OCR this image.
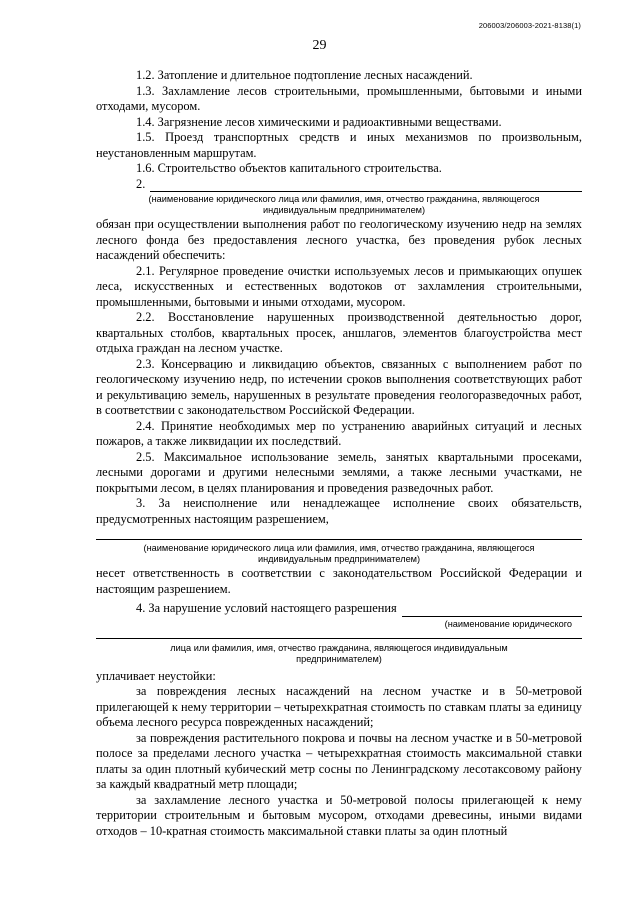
206003/206003-2021-8138(1)
29

1.2. Затопление и длительное подтопление лесных насаждений.

1.3. Захламление лесов строительными, промышленными, бытовыми и иными отходами, мусором.

1.4. Загрязнение лесов химическими и радиоактивными веществами.

1.5. Проезд транспортных средств и иных механизмов по произвольным, неустановленным маршрутам.

1.6. Строительство объектов капитального строительства.

2.
(наименование юридического лица или фамилия, имя, отчество гражданина, являющегося индивидуальным предпринимателем)

обязан при осуществлении выполнения работ по геологическому изучению недр на землях лесного фонда без предоставления лесного участка, без проведения рубок лесных насаждений обеспечить:

2.1. Регулярное проведение очистки используемых лесов и примыкающих опушек леса, искусственных и естественных водотоков от захламления строительными, промышленными, бытовыми и иными отходами, мусором.

2.2. Восстановление нарушенных производственной деятельностью дорог, квартальных столбов, квартальных просек, аншлагов, элементов благоустройства мест отдыха граждан на лесном участке.

2.3. Консервацию и ликвидацию объектов, связанных с выполнением работ по геологическому изучению недр, по истечении сроков выполнения соответствующих работ и рекультивацию земель, нарушенных в результате проведения геологоразведочных работ, в соответствии с законодательством Российской Федерации.

2.4. Принятие необходимых мер по устранению аварийных ситуаций и лесных пожаров, а также ликвидации их последствий.

2.5. Максимальное использование земель, занятых квартальными просеками, лесными дорогами и другими нелесными землями, а также лесными участками, не покрытыми лесом, в целях планирования и проведения разведочных работ.

3. За неисполнение или ненадлежащее исполнение своих обязательств, предусмотренных настоящим разрешением,

(наименование юридического лица или фамилия, имя, отчество гражданина, являющегося индивидуальным предпринимателем)

несет ответственность в соответствии с законодательством Российской Федерации и настоящим разрешением.

4. За нарушение условий настоящего разрешения
(наименование юридического
лица или фамилия, имя, отчество гражданина, являющегося индивидуальным предпринимателем)

уплачивает неустойки:

за повреждения лесных насаждений на лесном участке и в 50-метровой прилегающей к нему территории – четырехкратная стоимость по ставкам платы за единицу объема лесного ресурса поврежденных насаждений;

за повреждения растительного покрова и почвы на лесном участке и в 50-метровой полосе за пределами лесного участка – четырехкратная стоимость максимальной ставки платы за один плотный кубический метр сосны по Ленинградскому лесотаксовому району за каждый квадратный метр площади;

за захламление лесного участка и 50-метровой полосы прилегающей к нему территории строительным и бытовым мусором, отходами древесины, иными видами отходов – 10-кратная стоимость максимальной ставки платы за один плотный
